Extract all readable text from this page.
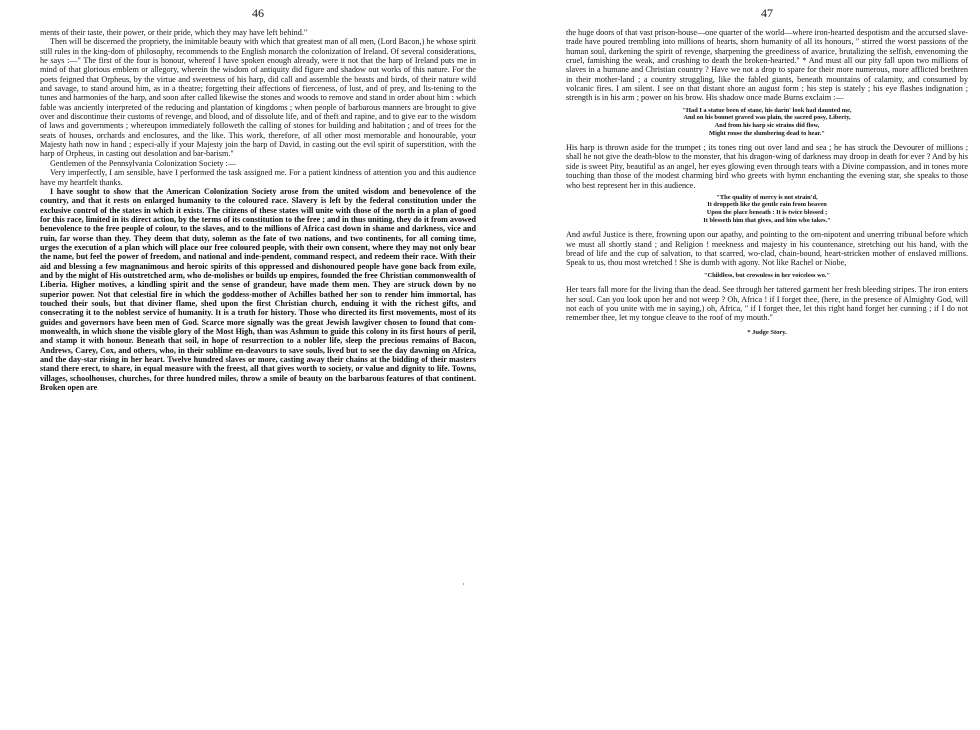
46

ments of their taste, their power, or their pride, which they may have left behind."

Then will be discerned the propriety, the inimitable beauty with which that greatest man of all men, (Lord Bacon,) he whose spirit still rules in the king-dom of philosophy, recommends to the English monarch the colonization of Ireland. Of several considerations, he says :—" The first of the four is honour, whereof I have spoken enough already, were it not that the harp of Ireland puts me in mind of that glorious emblem or allegory, wherein the wisdom of antiquity did figure and shadow out works of this nature. For the poets feigned that Orpheus, by the virtue and sweetness of his harp, did call and assemble the beasts and birds, of their nature wild and savage, to stand around him, as in a theatre; forgetting their affections of fierceness, of lust, and of prey, and lis-tening to the tunes and harmonies of the harp, and soon after called likewise the stones and woods to remove and stand in order about him : which fable was anciently interpreted of the reducing and plantation of kingdoms ; when people of barbarous manners are brought to give over and discontinue their customs of revenge, and blood, and of dissolute life, and of theft and rapine, and to give ear to the wisdom of laws and governments ; whereupon immediately followeth the calling of stones for building and habitation ; and of trees for the seats of houses, orchards and enclosures, and the like. This work, therefore, of all other most memorable and honourable, your Majesty hath now in hand ; especi-ally if your Majesty join the harp of David, in casting out the evil spirit of superstition, with the harp of Orpheus, in casting out desolation and bar-barism."

Gentlemen of the Pennsylvania Colonization Society :—

Very imperfectly, I am sensible, have I performed the task assigned me. For a patient kindness of attention you and this audience have my heartfelt thanks.

I have sought to show that the American Colonization Society arose from the united wisdom and benevolence of the country, and that it rests on enlarged humanity to the coloured race. Slavery is left by the federal constitution under the exclusive control of the states in which it exists. The citizens of these states will unite with those of the north in a plan of good for this race, limited in its direct action, by the terms of its constitution to the free ; and in thus uniting, they do it from avowed benevolence to the free people of colour, to the slaves, and to the millions of Africa cast down in shame and darkness, vice and ruin, far worse than they. They deem that duty, solemn as the fate of two nations, and two continents, for all coming time, urges the execution of a plan which will place our free coloured people, with their own consent, where they may not only bear the name, but feel the power of freedom, and national and inde-pendent, command respect, and redeem their race. With their aid and blessing a few magnanimous and heroic spirits of this oppressed and dishonoured people have gone back from exile, and by the might of His outstretched arm, who de-molishes or builds up empires, founded the free Christian commonwealth of Liberia. Higher motives, a kindling spirit and the sense of grandeur, have made them men. They are struck down by no superior power. Not that celestial fire in which the goddess-mother of Achilles bathed her son to render him immortal, has touched their souls, but that diviner flame, shed upon the first Christian church, enduing it with the richest gifts, and consecrating it to the noblest service of humanity. It is a truth for history. Those who directed its first movements, most of its guides and governors have been men of God. Scarce more signally was the great Jewish lawgiver chosen to found that com-monwealth, in which shone the visible glory of the Most High, than was Ashmun to guide this colony in its first hours of peril, and stamp it with honour. Beneath that soil, in hope of resurrection to a nobler life, sleep the precious remains of Bacon, Andrews, Carey, Cox, and others, who, in their sublime en-deavours to save souls, lived but to see the day dawning on Africa, and the day-star rising in her heart. Twelve hundred slaves or more, casting away their chains at the bidding of their masters stand there erect, to share, in equal measure with the freest, all that gives worth to society, or value and dignity to life. Towns, villages, schoolhouses, churches, for three hundred miles, throw a smile of beauty on the barbarous features of that continent. Broken open are

·
47

the huge doors of that vast prison-house—one quarter of the world—where iron-hearted despotism and the accursed slave-trade have poured trembling into millions of hearts, shorn humanity of all its honours, " stirred the worst passions of the human soul, darkening the spirit of revenge, sharpening the greediness of avarice, brutalizing the selfish, envenoming the cruel, famishing the weak, and crushing to death the broken-hearted." * And must all our pity fall upon two millions of slaves in a humane and Christian country ? Have we not a drop to spare for their more numerous, more afflicted brethren in their mother-land ; a country struggling, like the fabled giants, beneath mountains of calamity, and consumed by volcanic fires. I am silent. I see on that distant shore an august form ; his step is stately ; his eye flashes indignation ; strength is in his arm ; power on his brow. His shadow once made Burns exclaim :—

"Had I a statue been of stane, his darin' look had daunted me,
And on his bonnet graved was plain, the sacred posy, Liberty,
And from his harp sic strains did flow,
Might rouse the slumbering dead to hear."

His harp is thrown aside for the trumpet ; its tones ring out over land and sea ; he has struck the Devourer of millions ; shall he not give the death-blow to the monster, that his dragon-wing of darkness may droop in death for ever ? And by his side is sweet Pity, beautiful as an angel, her eyes glowing even through tears with a Divine compassion, and in tones more touching than those of the modest charming bird who greets with hymn enchanting the evening star, she speaks to those who best represent her in this audience.

"The quality of mercy is not strain'd,
It droppeth like the gentle rain from heaven
Upon the place beneath : It is twice blessed ;
It blesseth him that gives, and him who takes."

And awful Justice is there, frowning upon our apathy, and pointing to the om-nipotent and unerring tribunal before which we must all shortly stand ; and Religion ! meekness and majesty in his countenance, stretching out his hand, with the bread of life and the cup of salvation, to that scarred, wo-clad, chain-bound, heart-stricken mother of enslaved millions. Speak to us, thou most wretched ! She is dumb with agony. Not like Rachel or Niobe,

"Childless, but crownless in her voiceless wo."

Her tears fall more for the living than the dead. See through her tattered garment her fresh bleeding stripes. The iron enters her soul. Can you look upon her and not weep ? Oh, Africa ! if I forget thee, (here, in the presence of Almighty God, will not each of you unite with me in saying,) oh, Africa, " if I forget thee, let this right hand forget her cunning ; if I do not remember thee, let my tongue cleave to the roof of my mouth."

* Judge Story.
